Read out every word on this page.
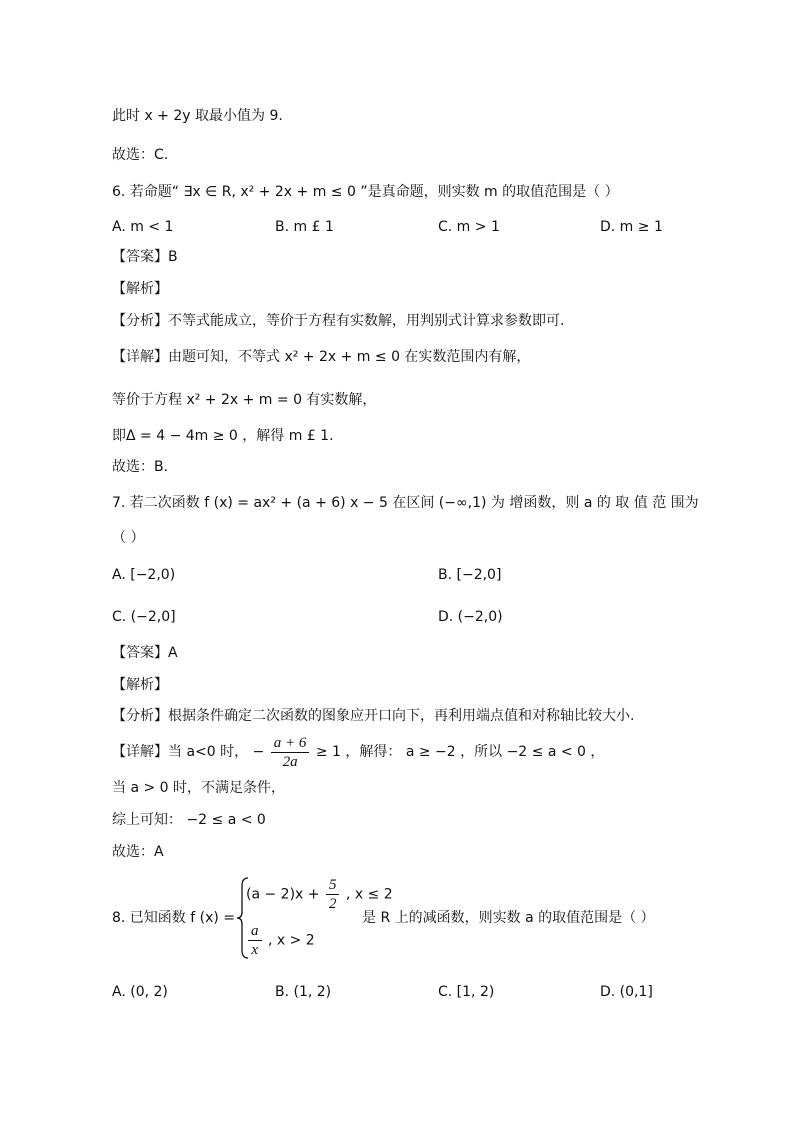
此时 x + 2y 取最小值为 9.
故选：C.
6. 若命题“ ∃x ∈ R, x² + 2x + m ≤ 0 ”是真命题，则实数 m 的取值范围是（ ）
A. m < 1	B. m £ 1	C. m > 1	D. m ≥ 1
【答案】B
【解析】
【分析】不等式能成立，等价于方程有实数解，用判别式计算求参数即可.
【详解】由题可知，不等式 x² + 2x + m ≤ 0 在实数范围内有解，
等价于方程 x² + 2x + m = 0 有实数解，
即Δ = 4 − 4m ≥ 0 ，解得 m £ 1.
故选：B.
7. 若二次函数 f (x) = ax² + (a + 6) x − 5 在区间 (−∞,1) 为 增函数，则 a 的 取 值 范 围为
（ ）
A. [−2,0)	B. [−2,0]
C. (−2,0]	D. (−2,0)
【答案】A
【解析】
【分析】根据条件确定二次函数的图象应开口向下，再利用端点值和对称轴比较大小.
【详解】当 a<0 时， − $\frac{a + 6}{2a} \ge 1$ ，解得： a ≥ −2 ，所以 −2 ≤ a < 0 ，
当 a > 0 时，不满足条件，
综上可知： −2 ≤ a < 0
故选：A
8. 已知函数 f (x) =
$(a - 2)x + \frac{5}{2}$ , x ≤ 2
$\frac{a}{x}$ , x > 2
是 R 上的减函数，则实数 a 的取值范围是（ ）
A. (0, 2)	B. (1, 2)	C. [1, 2)	D. (0,1]
